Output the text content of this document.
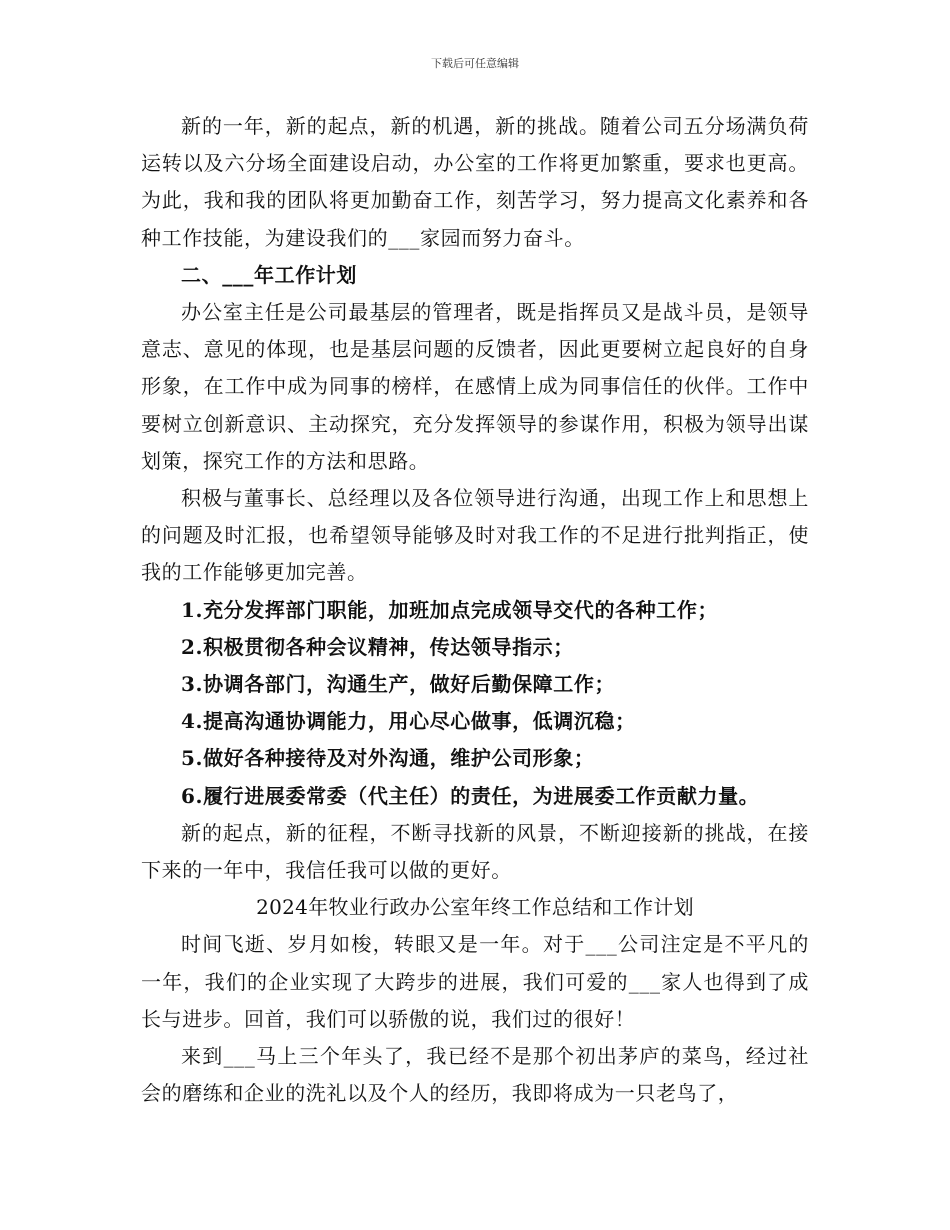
下载后可任意编辑

新的一年，新的起点，新的机遇，新的挑战。随着公司五分场满负荷运转以及六分场全面建设启动，办公室的工作将更加繁重，要求也更高。为此，我和我的团队将更加勤奋工作，刻苦学习，努力提高文化素养和各种工作技能，为建设我们的___家园而努力奋斗。

二、___年工作计划

办公室主任是公司最基层的管理者，既是指挥员又是战斗员，是领导意志、意见的体现，也是基层问题的反馈者，因此更要树立起良好的自身形象，在工作中成为同事的榜样，在感情上成为同事信任的伙伴。工作中要树立创新意识、主动探究，充分发挥领导的参谋作用，积极为领导出谋划策，探究工作的方法和思路。

积极与董事长、总经理以及各位领导进行沟通，出现工作上和思想上的问题及时汇报，也希望领导能够及时对我工作的不足进行批判指正，使我的工作能够更加完善。

1.充分发挥部门职能，加班加点完成领导交代的各种工作；

2.积极贯彻各种会议精神，传达领导指示；

3.协调各部门，沟通生产，做好后勤保障工作；

4.提高沟通协调能力，用心尽心做事，低调沉稳；

5.做好各种接待及对外沟通，维护公司形象；

6.履行进展委常委（代主任）的责任，为进展委工作贡献力量。

新的起点，新的征程，不断寻找新的风景，不断迎接新的挑战，在接下来的一年中，我信任我可以做的更好。

2024年牧业行政办公室年终工作总结和工作计划

时间飞逝、岁月如梭，转眼又是一年。对于___公司注定是不平凡的一年，我们的企业实现了大跨步的进展，我们可爱的___家人也得到了成长与进步。回首，我们可以骄傲的说，我们过的很好！

来到___马上三个年头了，我已经不是那个初出茅庐的菜鸟，经过社会的磨练和企业的洗礼以及个人的经历，我即将成为一只老鸟了，
